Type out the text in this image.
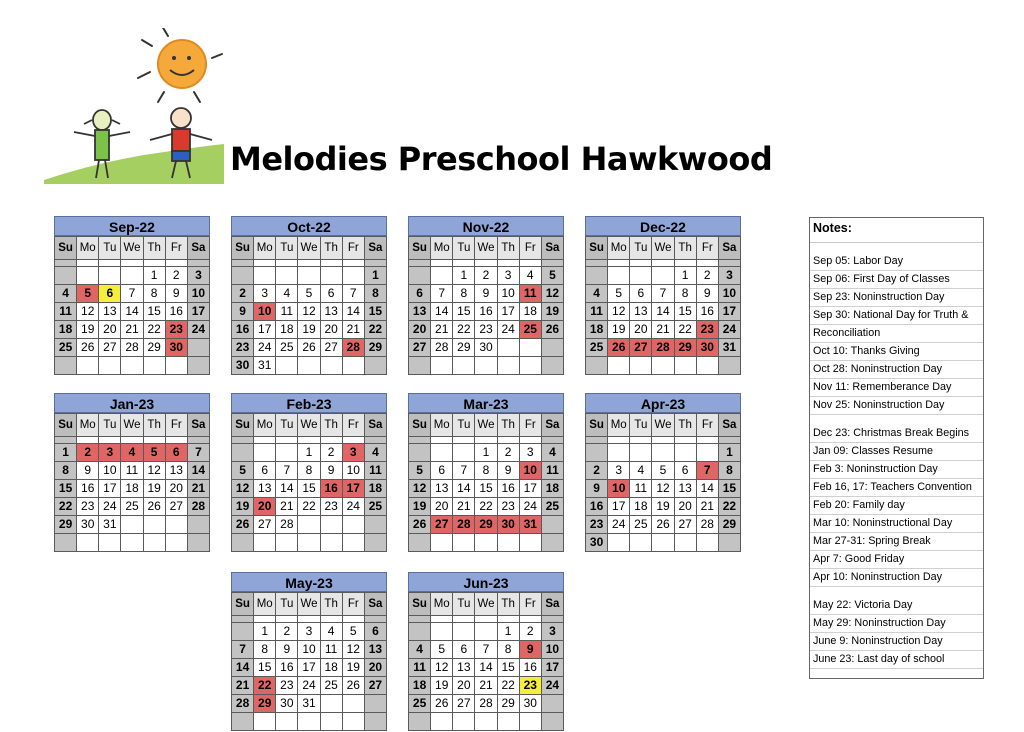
Melodies Preschool Hawkwood
Sep-22
Su	Mo	Tu	We	Th	Fr	Sa

				1	2	3
4	5	6	7	8	9	10
11	12	13	14	15	16	17
18	19	20	21	22	23	24
25	26	27	28	29	30	

Oct-22
Su	Mo	Tu	We	Th	Fr	Sa

						1
2	3	4	5	6	7	8
9	10	11	12	13	14	15
16	17	18	19	20	21	22
23	24	25	26	27	28	29
30	31					
Nov-22
Su	Mo	Tu	We	Th	Fr	Sa

		1	2	3	4	5
6	7	8	9	10	11	12
13	14	15	16	17	18	19
20	21	22	23	24	25	26
27	28	29	30			

Dec-22
Su	Mo	Tu	We	Th	Fr	Sa

				1	2	3
4	5	6	7	8	9	10
11	12	13	14	15	16	17
18	19	20	21	22	23	24
25	26	27	28	29	30	31

Jan-23
Su	Mo	Tu	We	Th	Fr	Sa

1	2	3	4	5	6	7
8	9	10	11	12	13	14
15	16	17	18	19	20	21
22	23	24	25	26	27	28
29	30	31				

Feb-23
Su	Mo	Tu	We	Th	Fr	Sa

			1	2	3	4
5	6	7	8	9	10	11
12	13	14	15	16	17	18
19	20	21	22	23	24	25
26	27	28				

Mar-23
Su	Mo	Tu	We	Th	Fr	Sa

			1	2	3	4
5	6	7	8	9	10	11
12	13	14	15	16	17	18
19	20	21	22	23	24	25
26	27	28	29	30	31	

Apr-23
Su	Mo	Tu	We	Th	Fr	Sa

						1
2	3	4	5	6	7	8
9	10	11	12	13	14	15
16	17	18	19	20	21	22
23	24	25	26	27	28	29
30						
May-23
Su	Mo	Tu	We	Th	Fr	Sa

	1	2	3	4	5	6
7	8	9	10	11	12	13
14	15	16	17	18	19	20
21	22	23	24	25	26	27
28	29	30	31			

Jun-23
Su	Mo	Tu	We	Th	Fr	Sa

				1	2	3
4	5	6	7	8	9	10
11	12	13	14	15	16	17
18	19	20	21	22	23	24
25	26	27	28	29	30	

Notes:
Sep 05: Labor Day
Sep 06: First Day of Classes
Sep 23: Noninstruction Day
Sep 30: National Day for Truth &
Reconciliation
Oct 10: Thanks Giving
Oct 28: Noninstruction Day
Nov 11: Rememberance Day
Nov 25: Noninstruction Day
Dec 23: Christmas Break Begins
Jan 09: Classes Resume
Feb 3: Noninstruction Day
Feb 16, 17: Teachers Convention
Feb 20: Family day
Mar 10: Noninstructional Day
Mar 27-31: Spring Break
Apr 7: Good Friday
Apr 10: Noninstruction Day
May 22: Victoria Day
May 29: Noninstruction Day
June 9: Noninstruction Day
June 23: Last day of school
